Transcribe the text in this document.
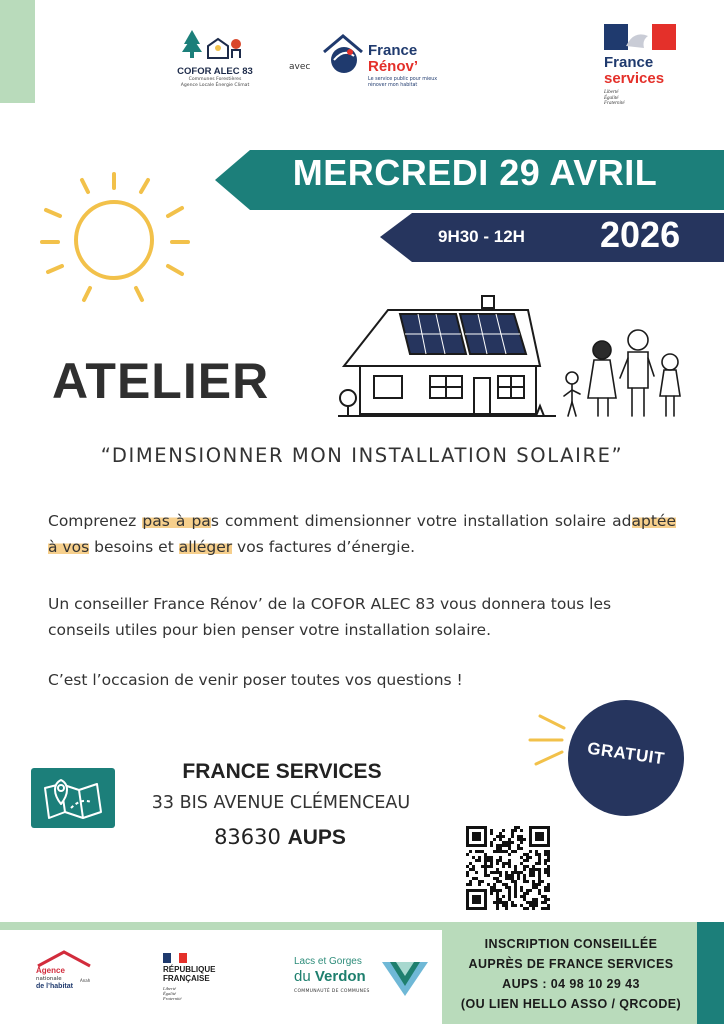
COFOR ALEC 83
Communes Forestières
Agence Locale Énergie Climat
avec
France
Rénov’
Le service public pour mieux rénover mon habitat
France
services
Liberté
Égalité
Fraternité
MERCREDI 29 AVRIL
9H30 - 12H 2026
ATELIER
“DIMENSIONNER MON INSTALLATION SOLAIRE”

Comprenez pas à pas comment dimensionner votre installation solaire adaptée à vos besoins et alléger vos factures d’énergie.

Un conseiller France Rénov’ de la COFOR ALEC 83 vous donnera tous les conseils utiles pour bien penser votre installation solaire.

C’est l’occasion de venir poser toutes vos questions !

GRATUIT
FRANCE SERVICES
33 BIS AVENUE CLÉMENCEAU
83630 AUPS
INSCRIPTION CONSEILLÉE
AUPRÈS DE FRANCE SERVICES
AUPS : 04 98 10 29 43
(OU LIEN HELLO ASSO / QRCODE)
Agence
nationale
de l’habitat
Anah
RÉPUBLIQUE
FRANÇAISE
Liberté
Égalité
Fraternité
Lacs et Gorges
du Verdon
COMMUNAUTÉ DE COMMUNES
